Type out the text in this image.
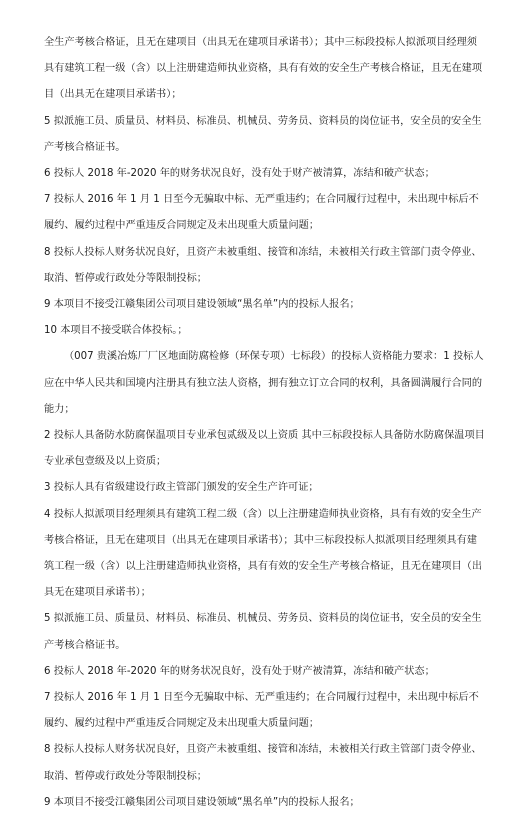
全生产考核合格证，且无在建项目（出具无在建项目承诺书）；其中三标段投标人拟派项目经理须具有建筑工程一级（含）以上注册建造师执业资格，具有有效的安全生产考核合格证，且无在建项目（出具无在建项目承诺书）；

5 拟派施工员、质量员、材料员、标准员、机械员、劳务员、资料员的岗位证书，安全员的安全生产考核合格证书。

6 投标人 2018 年-2020 年的财务状况良好，没有处于财产被清算，冻结和破产状态；

7 投标人 2016 年 1 月 1 日至今无骗取中标、无严重违约；在合同履行过程中，未出现中标后不履约、履约过程中严重违反合同规定及未出现重大质量问题；

8 投标人投标人财务状况良好，且资产未被重组、接管和冻结，未被相关行政主管部门责令停业、取消、暂停或行政处分等限制投标；

9 本项目不接受江赣集团公司项目建设领域“黑名单”内的投标人报名；

10 本项目不接受联合体投标。；

（007 贵溪冶炼厂厂区地面防腐检修（环保专项）七标段）的投标人资格能力要求：1 投标人应在中华人民共和国境内注册具有独立法人资格，拥有独立订立合同的权利，具备圆满履行合同的能力；

2 投标人具备防水防腐保温项目专业承包贰级及以上资质 其中三标段投标人具备防水防腐保温项目专业承包壹级及以上资质；

3 投标人具有省级建设行政主管部门颁发的安全生产许可证；

4 投标人拟派项目经理须具有建筑工程二级（含）以上注册建造师执业资格，具有有效的安全生产考核合格证，且无在建项目（出具无在建项目承诺书）；其中三标段投标人拟派项目经理须具有建筑工程一级（含）以上注册建造师执业资格，具有有效的安全生产考核合格证，且无在建项目（出具无在建项目承诺书）；

5 拟派施工员、质量员、材料员、标准员、机械员、劳务员、资料员的岗位证书，安全员的安全生产考核合格证书。

6 投标人 2018 年-2020 年的财务状况良好，没有处于财产被清算，冻结和破产状态；

7 投标人 2016 年 1 月 1 日至今无骗取中标、无严重违约；在合同履行过程中，未出现中标后不履约、履约过程中严重违反合同规定及未出现重大质量问题；

8 投标人投标人财务状况良好，且资产未被重组、接管和冻结，未被相关行政主管部门责令停业、取消、暂停或行政处分等限制投标；

9 本项目不接受江赣集团公司项目建设领域“黑名单”内的投标人报名；
